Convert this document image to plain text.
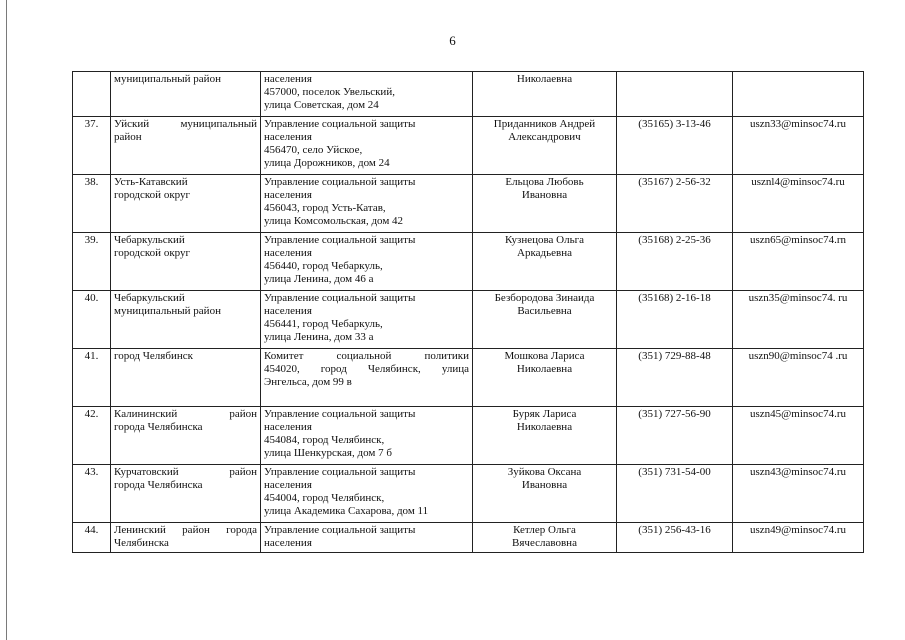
6
	муниципальный район	населения
457000, поселок Увельский,
улица Советская, дом 24	Николаевна		
37.	Уйский муниципальный
район	Управление социальной защиты
населения
456470, село Уйское,
улица Дорожников, дом 24	Приданников Андрей
Александрович	(35165) 3-13-46	uszn33@minsoc74.ru
38.	Усть-Катавский
городской округ	Управление социальной защиты
населения
456043, город Усть-Катав,
улица Комсомольская, дом 42	Ельцова Любовь
Ивановна	(35167) 2-56-32	usznl4@minsoc74.ru
39.	Чебаркульский
городской округ	Управление социальной защиты
населения
456440, город Чебаркуль,
улица Ленина, дом 46 а	Кузнецова Ольга
Аркадьевна	(35168) 2-25-36	uszn65@minsoc74.rn
40.	Чебаркульский
муниципальный район	Управление социальной защиты
населения
456441, город Чебаркуль,
улица Ленина, дом 33 а	Безбородова Зинаида
Васильевна	(35168) 2-16-18	uszn35@minsoc74. ru
41.	город Челябинск	Комитет социальной политики
454020, город Челябинск, улица
Энгельса, дом 99 в	Мошкова Лариса
Николаевна	(351) 729-88-48	uszn90@minsoc74 .ru
42.	Калининский район
города Челябинска	Управление социальной защиты
населения
454084, город Челябинск,
улица Шенкурская, дом 7 б	Буряк Лариса
Николаевна	(351) 727-56-90	uszn45@minsoc74.ru
43.	Курчатовский район
города Челябинска	Управление социальной защиты
населения
454004, город Челябинск,
улица Академика Сахарова, дом 11	Зуйкова Оксана
Ивановна	(351) 731-54-00	uszn43@minsoc74.ru
44.	Ленинский район города
Челябинска	Управление социальной защиты
населения	Кетлер Ольга
Вячеславовна	(351) 256-43-16	uszn49@minsoc74.ru
